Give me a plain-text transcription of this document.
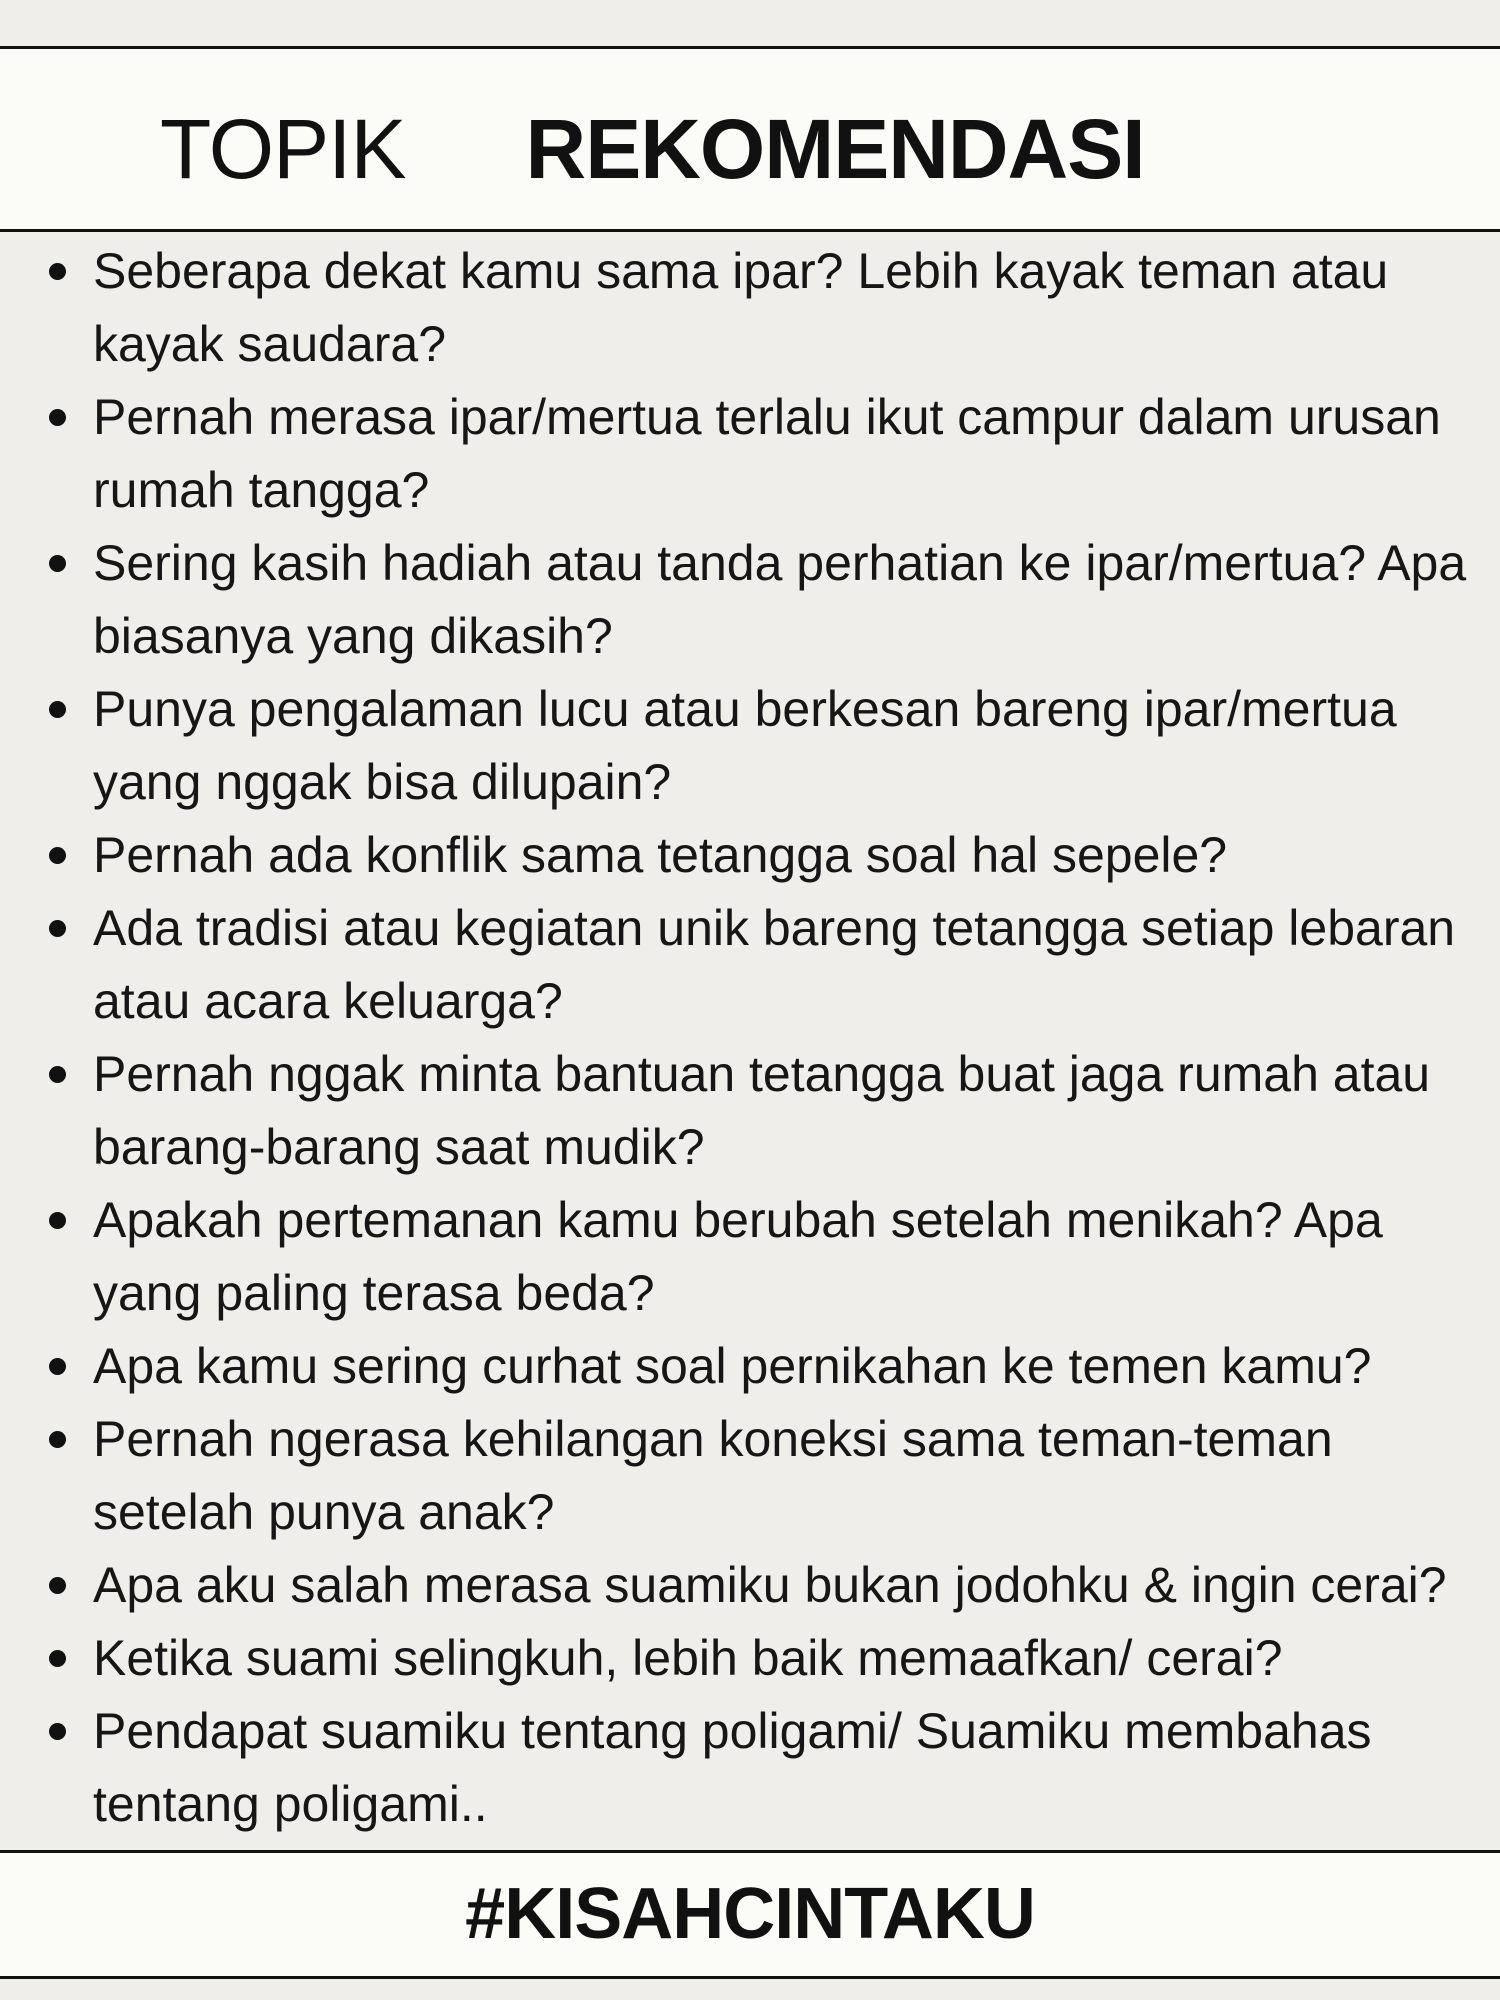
TOPIK REKOMENDASI
Seberapa dekat kamu sama ipar? Lebih kayak teman atau kayak saudara?
Pernah merasa ipar/mertua terlalu ikut campur dalam urusan rumah tangga?
Sering kasih hadiah atau tanda perhatian ke ipar/mertua? Apa biasanya yang dikasih?
Punya pengalaman lucu atau berkesan bareng ipar/mertua yang nggak bisa dilupain?
Pernah ada konflik sama tetangga soal hal sepele?
Ada tradisi atau kegiatan unik bareng tetangga setiap lebaran atau acara keluarga?
Pernah nggak minta bantuan tetangga buat jaga rumah atau barang-barang saat mudik?
Apakah pertemanan kamu berubah setelah menikah? Apa yang paling terasa beda?
Apa kamu sering curhat soal pernikahan ke temen kamu?
Pernah ngerasa kehilangan koneksi sama teman-teman setelah punya anak?
Apa aku salah merasa suamiku bukan jodohku & ingin cerai?
Ketika suami selingkuh, lebih baik memaafkan/ cerai?
Pendapat suamiku tentang poligami/ Suamiku membahas tentang poligami..
#KISAHCINTAKU
